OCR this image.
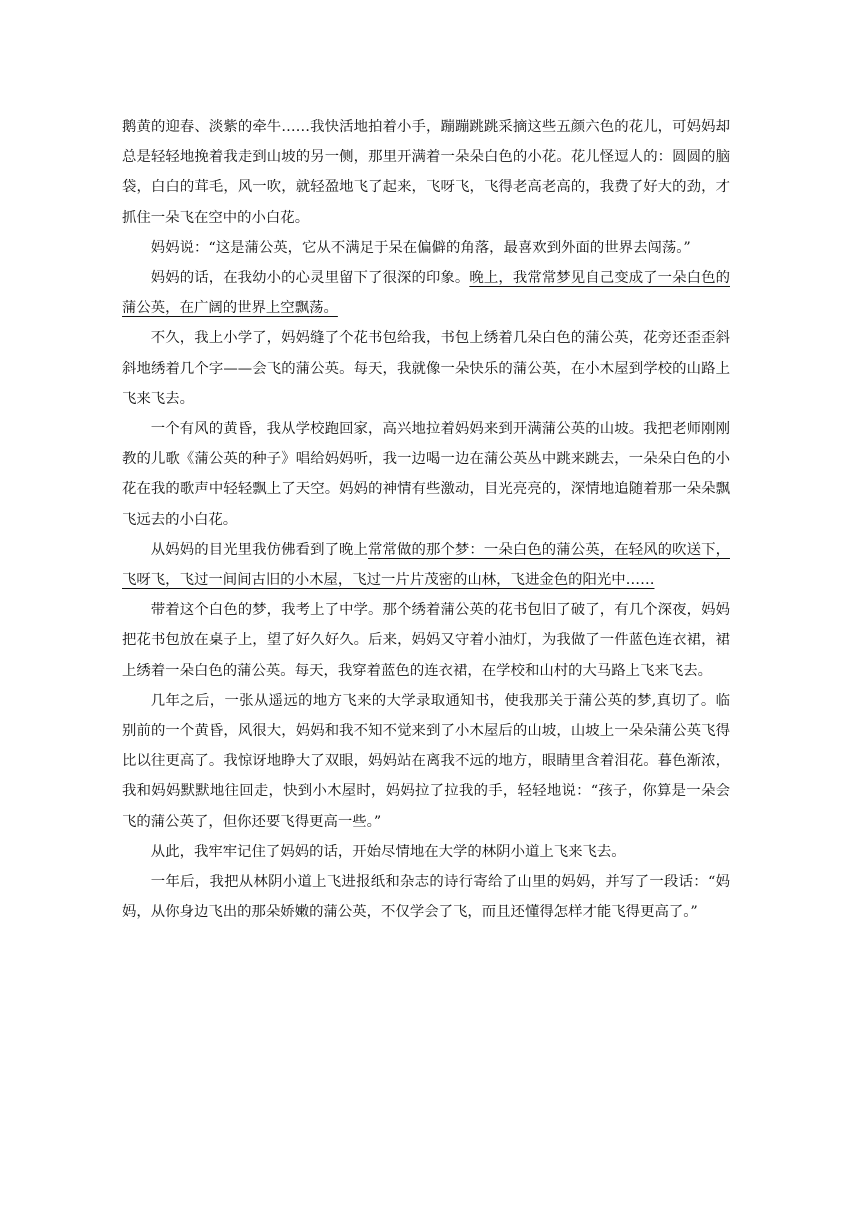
鹅黄的迎春、淡紫的牵牛……我快活地拍着小手，蹦蹦跳跳采摘这些五颜六色的花儿，可妈妈却总是轻轻地挽着我走到山坡的另一侧，那里开满着一朵朵白色的小花。花儿怪逗人的：圆圆的脑袋，白白的茸毛，风一吹，就轻盈地飞了起来，飞呀飞，飞得老高老高的，我费了好大的劲，才抓住一朵飞在空中的小白花。

妈妈说：“这是蒲公英，它从不满足于呆在偏僻的角落，最喜欢到外面的世界去闯荡。”

妈妈的话，在我幼小的心灵里留下了很深的印象。晚上，我常常梦见自己变成了一朵白色的蒲公英，在广阔的世界上空飘荡。

不久，我上小学了，妈妈缝了个花书包给我，书包上绣着几朵白色的蒲公英，花旁还歪歪斜斜地绣着几个字——会飞的蒲公英。每天，我就像一朵快乐的蒲公英，在小木屋到学校的山路上飞来飞去。

一个有风的黄昏，我从学校跑回家，高兴地拉着妈妈来到开满蒲公英的山坡。我把老师刚刚教的儿歌《蒲公英的种子》唱给妈妈听，我一边喝一边在蒲公英丛中跳来跳去，一朵朵白色的小花在我的歌声中轻轻飘上了天空。妈妈的神情有些激动，目光亮亮的，深情地追随着那一朵朵飘飞远去的小白花。

从妈妈的目光里我仿佛看到了晚上常常做的那个梦：一朵白色的蒲公英，在轻风的吹送下，飞呀飞，飞过一间间古旧的小木屋，飞过一片片茂密的山林，飞进金色的阳光中……

带着这个白色的梦，我考上了中学。那个绣着蒲公英的花书包旧了破了，有几个深夜，妈妈把花书包放在桌子上，望了好久好久。后来，妈妈又守着小油灯，为我做了一件蓝色连衣裙，裙上绣着一朵白色的蒲公英。每天，我穿着蓝色的连衣裙，在学校和山村的大马路上飞来飞去。

几年之后，一张从遥远的地方飞来的大学录取通知书，使我那关于蒲公英的梦,真切了。临别前的一个黄昏，风很大，妈妈和我不知不觉来到了小木屋后的山坡，山坡上一朵朵蒲公英飞得比以往更高了。我惊讶地睁大了双眼，妈妈站在离我不远的地方，眼睛里含着泪花。暮色渐浓，我和妈妈默默地往回走，快到小木屋时，妈妈拉了拉我的手，轻轻地说：“孩子，你算是一朵会飞的蒲公英了，但你还要飞得更高一些。”

从此，我牢牢记住了妈妈的话，开始尽情地在大学的林阴小道上飞来飞去。

一年后，我把从林阴小道上飞进报纸和杂志的诗行寄给了山里的妈妈，并写了一段话：“妈妈，从你身边飞出的那朵娇嫩的蒲公英，不仅学会了飞，而且还懂得怎样才能飞得更高了。”
